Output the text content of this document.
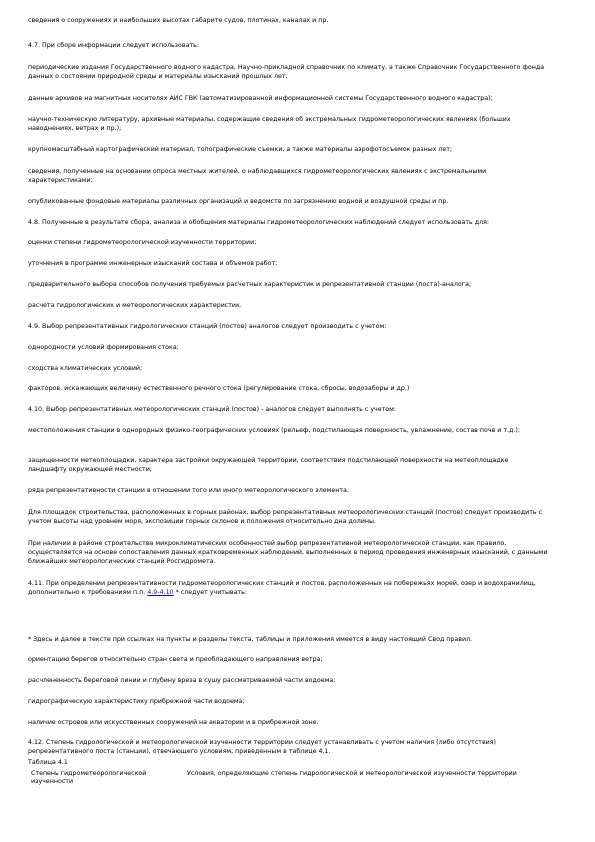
сведения о сооружениях и наибольших высотах габарите судов, плотинах, каналах и пр.

4.7. При сборе информации следует использовать:

периодические издания Государственного водного кадастра, Научно-прикладной справочник по климату, а также Справочник Государственного фонда данных о состоянии природной среды и материалы изысканий прошлых лет;

данные архивов на магнитных носителях АИС ГВК (автоматизированной информационной системы Государственного водного кадастра);

научно-техническую литературу, архивные материалы, содержащие сведения об экстремальных гидрометеорологических явлениях (больших наводнениях, ветрах и пр.);

крупномасштабный картографический материал, топографические съемки, а также материалы аэрофотосъемок разных лет;

сведения, полученные на основании опроса местных жителей, о наблюдавшихся гидрометеорологических явлениях с экстремальными характеристиками;

опубликованные фондовые материалы различных организаций и ведомств по загрязнению водной и воздушной среды и пр.

4.8. Полученные в результате сбора, анализа и обобщения материалы гидрометеорологических наблюдений следует использовать для:

оценки степени гидрометеорологической изученности территории;

уточнения в программе инженерных изысканий состава и объемов работ;

предварительного выбора способов получения требуемых расчетных характеристик и репрезентативной станции (поста)-аналога;

расчета гидрологических и метеорологических характеристик.

4.9. Выбор репрезентативных гидрологических станций (постов) аналогов следует производить с учетом:

однородности условий формирования стока;

сходства климатических условий;

факторов, искажающих величину естественного речного стока (регулирование стока, сбросы, водозаборы и др.)

4.10. Выбор репрезентативных метеорологических станций (постов) - аналогов следует выполнять с учетом:

местоположения станции в однородных физико-географических условиях (рельеф, подстилающая поверхность, увлажнение, состав почв и т.д.);

защищенности метеоплощадки, характера застройки окружающей территории, соответствия подстилающей поверхности на метеоплощадке ландшафту окружающей местности;

ряда репрезентативности станции в отношении того или иного метеорологического элемента.

Для площадок строительства, расположенных в горных районах, выбор репрезентативных метеорологических станций (постов) следует производить с учетом высоты над уровнем моря, экспозиции горных склонов и положения относительно дна долины.

При наличии в районе строительства микроклиматических особенностей выбор репрезентативной метеорологической станции, как правило, осуществляется на основе сопоставления данных кратковременных наблюдений, выполненных в период проведения инженерных изысканий, с данными ближайших метеорологических станций Росгидромета.

4.11. При определении репрезентативности гидрометеорологических станций и постов, расположенных на побережьях морей, озер и водохранилищ, дополнительно к требованиям п.п. 4.9-4.10 * следует учитывать:

* Здесь и далее в тексте при ссылках на пункты и разделы текста, таблицы и приложения имеется в виду настоящий Свод правил.

ориентацию берегов относительно стран света и преобладающего направления ветра;

расчлененность береговой линии и глубину вреза в сушу рассматриваемой части водоема;

гидрографическую характеристику прибрежной части водоема;

наличие островов или искусственных сооружений на акватории и в прибрежной зоне.

4.12. Степень гидрологической и метеорологической изученности территории следует устанавливать с учетом наличия (либо отсутствия) репрезентативного поста (станции), отвечающего условиям, приведенным в таблице 4.1.

Таблица 4.1
Степень гидрометеорологической изученности	Условия, определяющие степень гидрологической и метеорологической изученности территории
